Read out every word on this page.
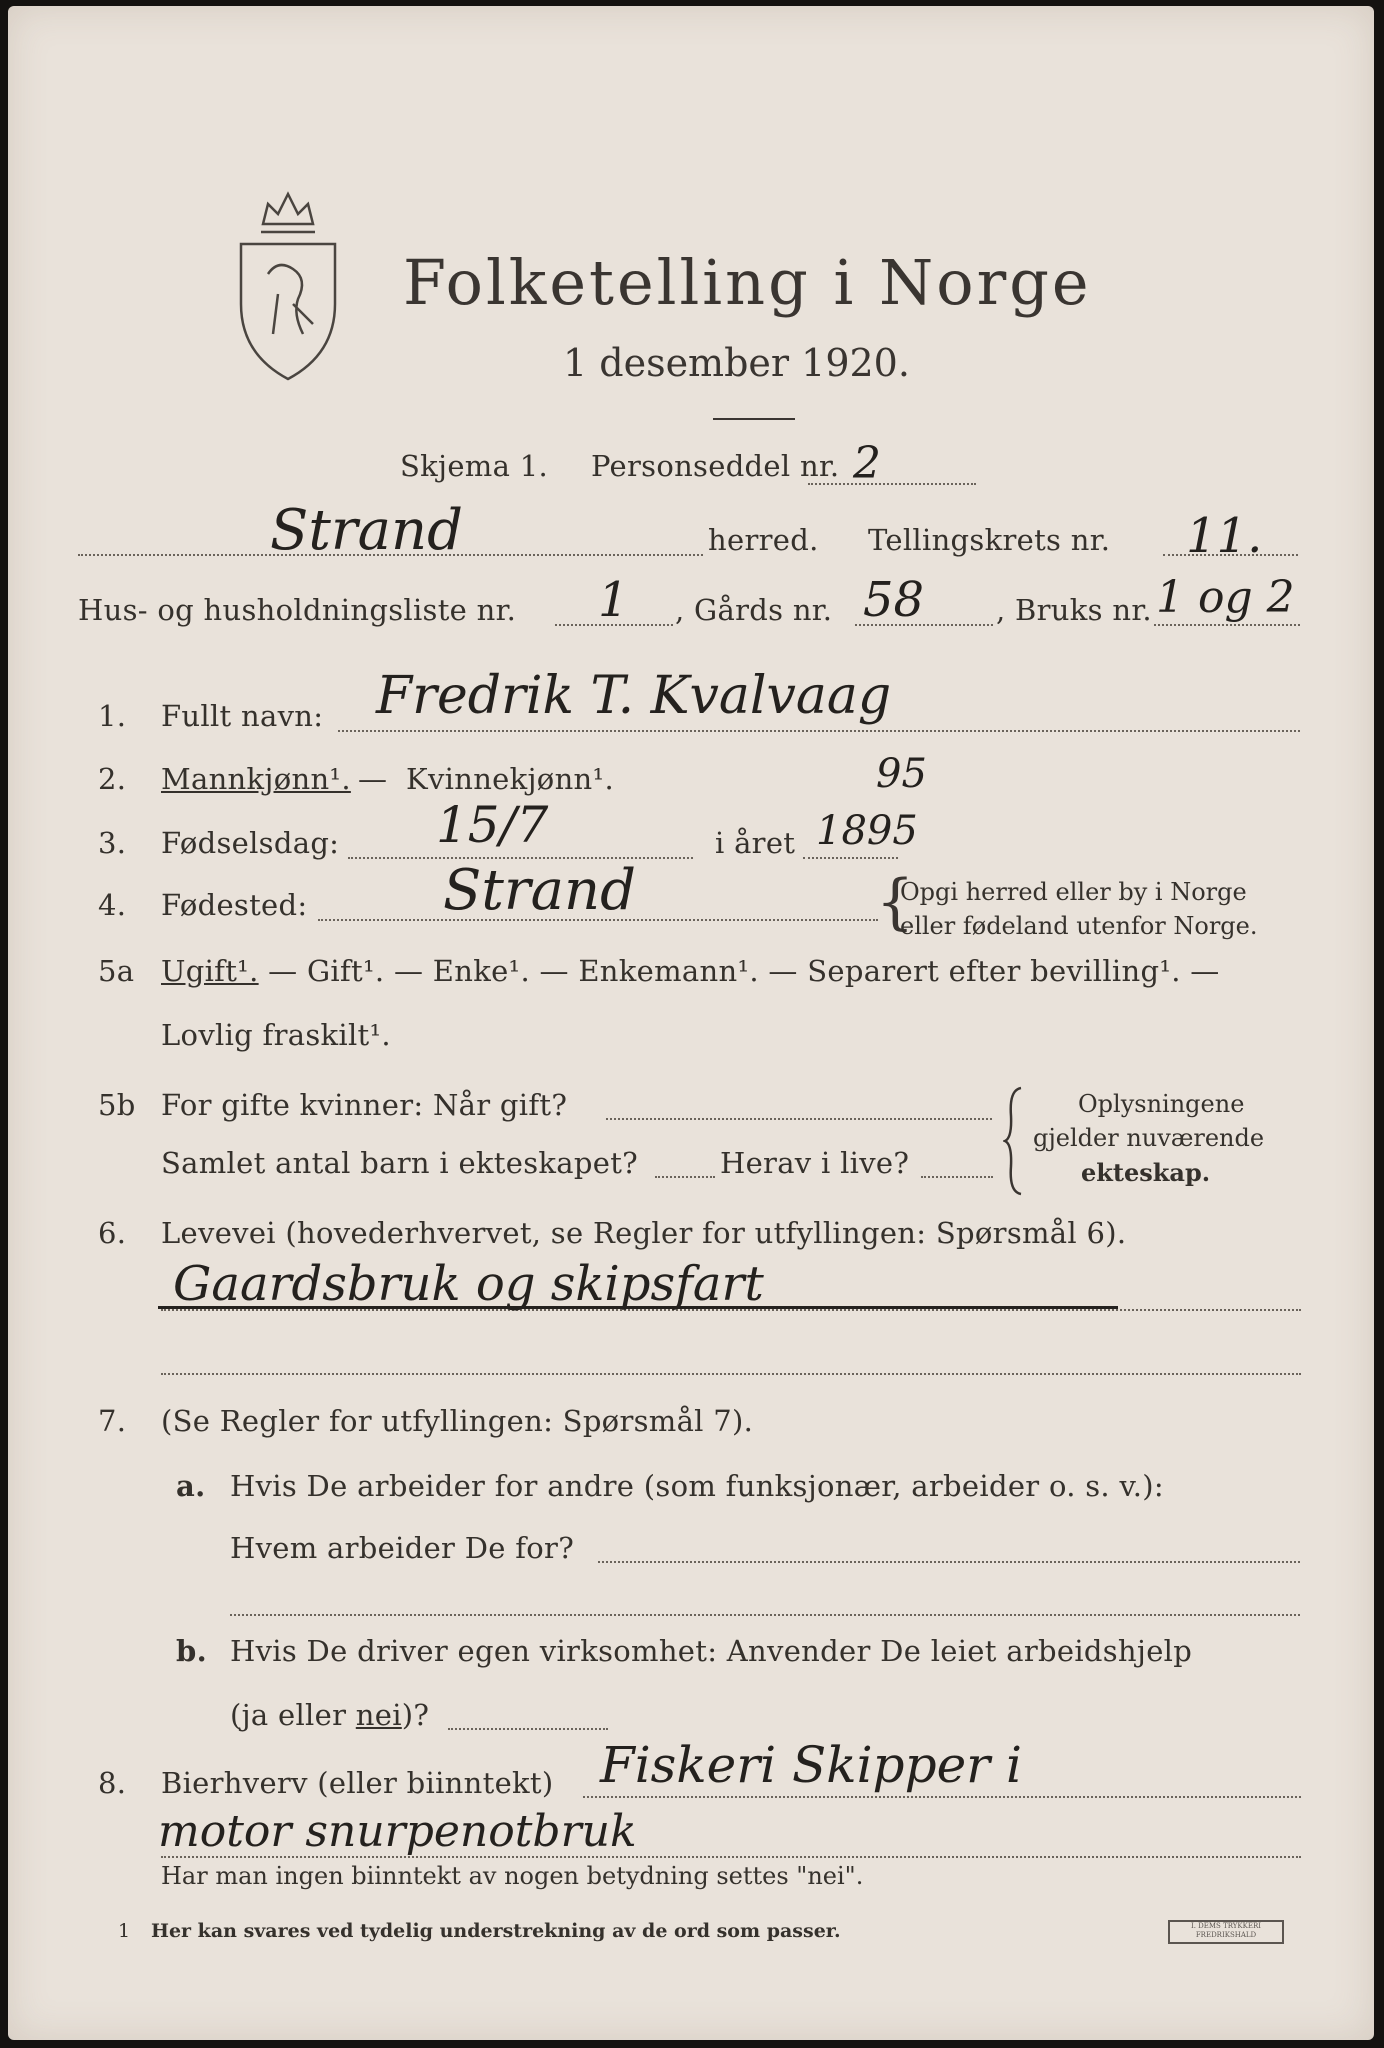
Folketelling i Norge
1 desember 1920.
Skjema 1. Personseddel nr. 2
Strand	herred. Tellingskrets nr. 11.
Hus- og husholdningsliste nr. 1 , Gårds nr. 58 , Bruks nr. 1 og 2
1. Fullt navn: Fredrik T. Kvalvaag
2. Mannkjønn¹. — Kvinnekjønn¹.
3. Fødselsdag: 15/7	i året 1895
95
4. Fødested: Strand	{
Opgi herred eller by i Norge
eller fødeland utenfor Norge.
5a Ugift¹. — Gift¹. — Enke¹. — Enkemann¹. — Separert efter bevilling¹. —
Lovlig fraskilt¹.
5b For gifte kvinner: Når gift?
Samlet antal barn i ekteskapet?	Herav i live?
Oplysningene
gjelder nuværende
ekteskap.
6. Levevei (hovederhvervet, se Regler for utfyllingen: Spørsmål 6).
Gaardsbruk og skipsfart
7. (Se Regler for utfyllingen: Spørsmål 7).
a. Hvis De arbeider for andre (som funksjonær, arbeider o. s. v.):
Hvem arbeider De for?
b. Hvis De driver egen virksomhet: Anvender De leiet arbeidshjelp
(ja eller nei)?
8. Bierhverv (eller biinntekt) Fiskeri Skipper i
motor snurpenotbruk
Har man ingen biinntekt av nogen betydning settes "nei".
1 Her kan svares ved tydelig understrekning av de ord som passer.	I. DEMS TRYKKERI
FREDRIKSHALD
